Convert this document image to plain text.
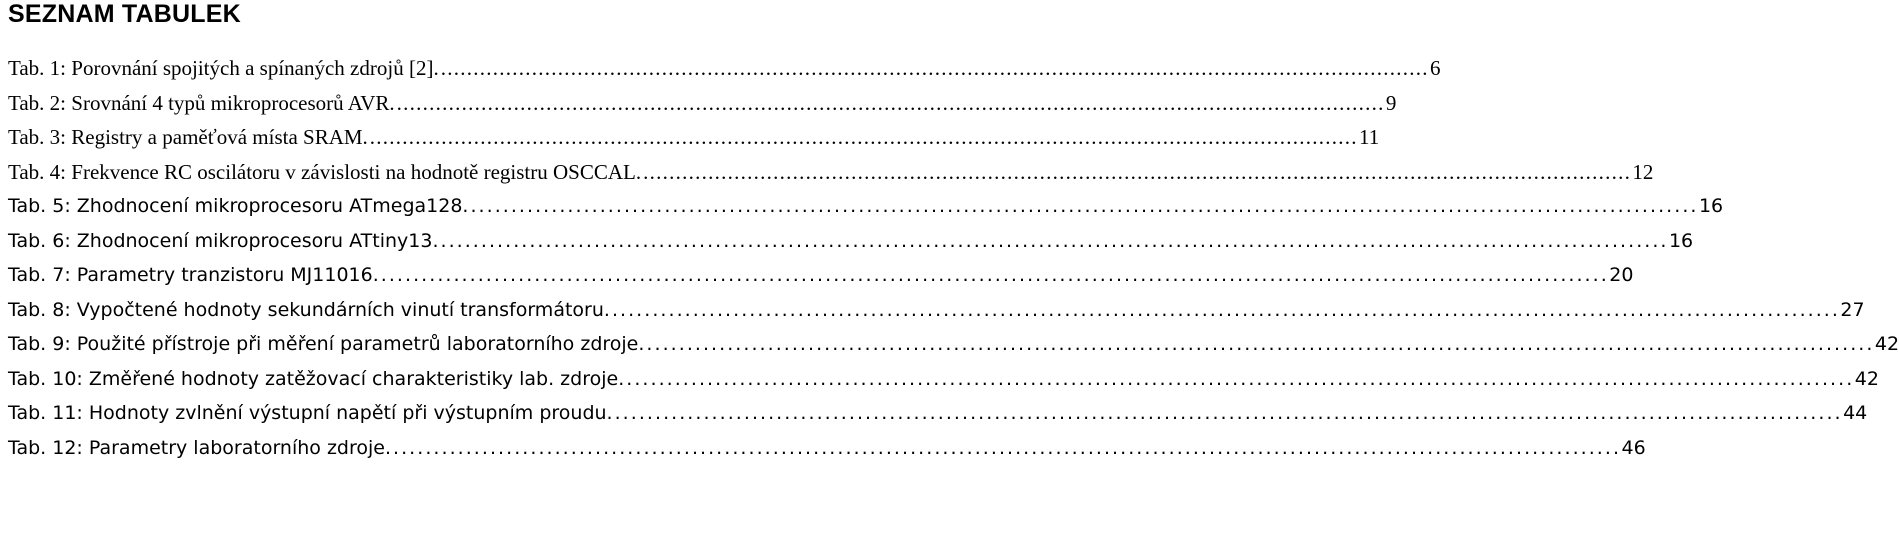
SEZNAM TABULEK
Tab. 1: Porovnání spojitých a spínaných zdrojů [2]. . . .	6
Tab. 2: Srovnání 4 typů mikroprocesorů AVR. . . .	9
Tab. 3: Registry a paměťová místa SRAM. . . .	11
Tab. 4: Frekvence RC oscilátoru v závislosti na hodnotě registru OSCCAL. . . .	12
Tab. 5: Zhodnocení mikroprocesoru ATmega128. . . .	16
Tab. 6: Zhodnocení mikroprocesoru ATtiny13. . . .	16
Tab. 7: Parametry tranzistoru MJ11016. . . .	20
Tab. 8: Vypočtené hodnoty sekundárních vinutí transformátoru. . . .	27
Tab. 9: Použité přístroje při měření parametrů laboratorního zdroje. . . .	42
Tab. 10: Změřené hodnoty zatěžovací charakteristiky lab. zdroje. . . .	42
Tab. 11: Hodnoty zvlnění výstupní napětí při výstupním proudu. . . .	44
Tab. 12: Parametry laboratorního zdroje. . . .	46
